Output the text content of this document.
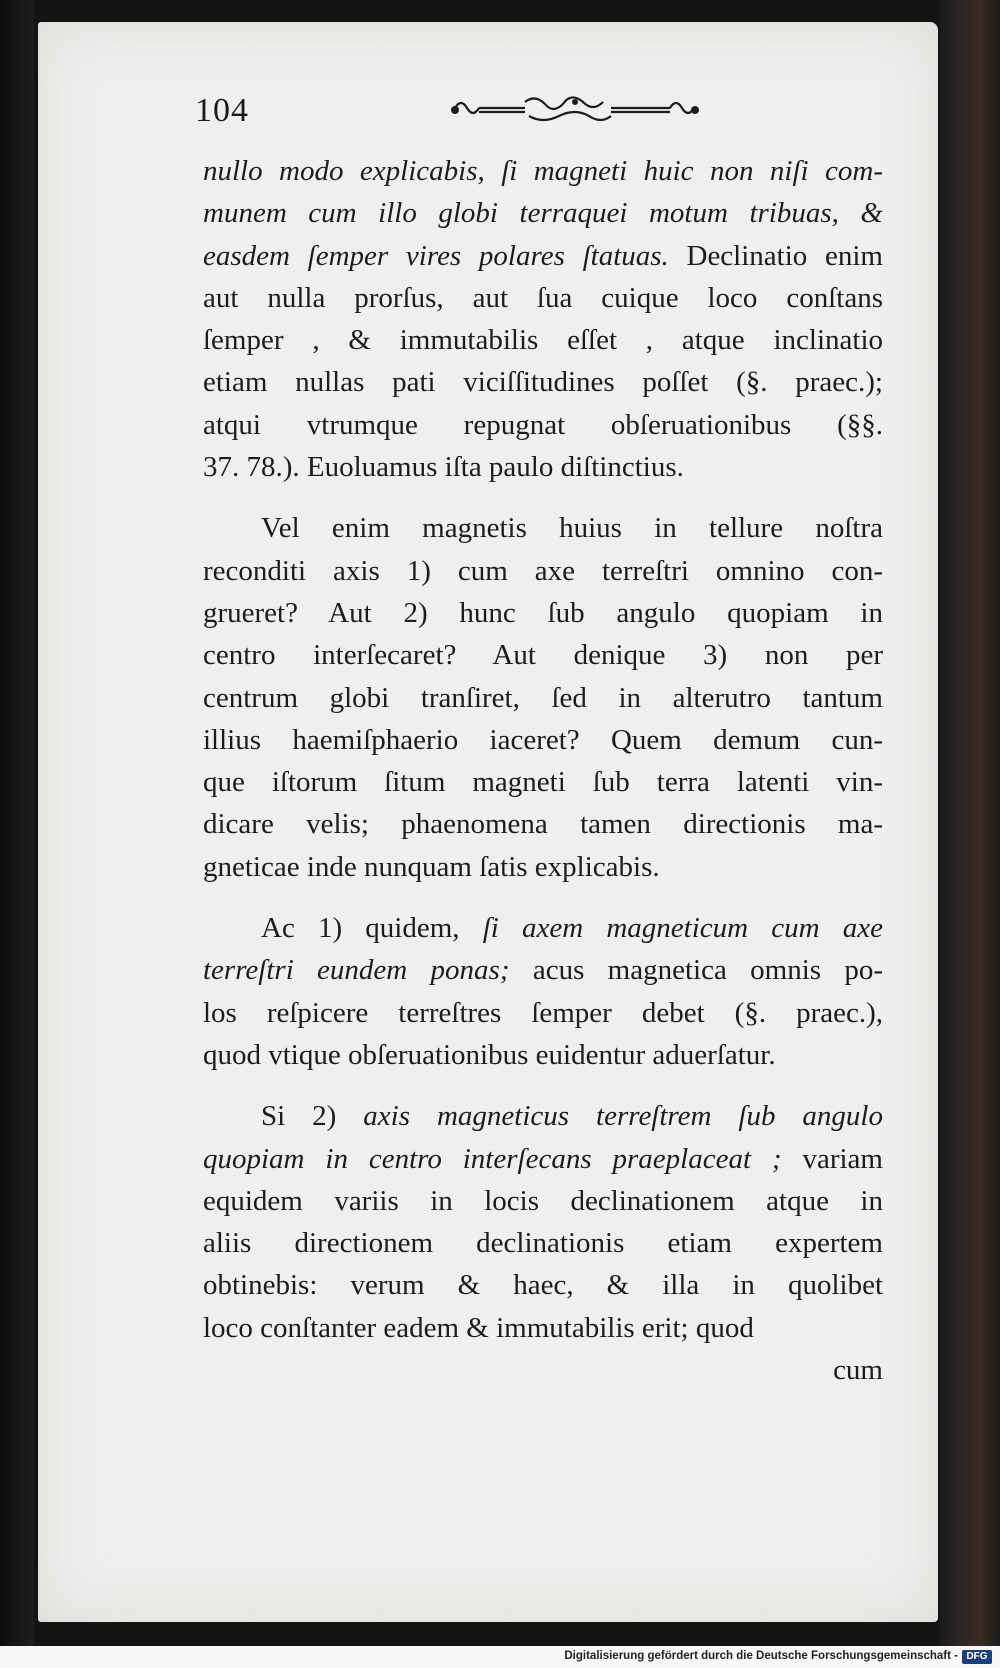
104
nullo modo explicabis, ſi magneti huic non niſi com-
munem cum illo globi terraquei motum tribuas, &
easdem ſemper vires polares ſtatuas. Declinatio enim
aut nulla prorſus, aut ſua cuique loco conſtans
ſemper , & immutabilis eſſet , atque inclinatio
etiam nullas pati viciſſitudines poſſet (§. praec.);
atqui vtrumque repugnat obſeruationibus (§§.
37. 78.). Euoluamus iſta paulo diſtinctius.
  Vel enim magnetis huius in tellure noſtra
reconditi axis 1) cum axe terreſtri omnino con-
grueret? Aut 2) hunc ſub angulo quopiam in
centro interſecaret? Aut denique 3) non per
centrum globi tranſiret, ſed in alterutro tantum
illius haemiſphaerio iaceret? Quem demum cun-
que iſtorum ſitum magneti ſub terra latenti vin-
dicare velis; phaenomena tamen directionis ma-
gneticae inde nunquam ſatis explicabis.
  Ac 1) quidem, ſi axem magneticum cum axe
terreſtri eundem ponas; acus magnetica omnis po-
los reſpicere terreſtres ſemper debet (§. praec.),
quod vtique obſeruationibus euidentur aduerſatur.
  Si 2) axis magneticus terreſtrem ſub angulo
quopiam in centro interſecans praeplaceat ; variam
equidem variis in locis declinationem atque in
aliis directionem declinationis etiam expertem
obtinebis: verum & haec, & illa in quolibet
loco conſtanter eadem & immutabilis erit; quod
cum
Digitalisierung gefördert durch die Deutsche Forschungsgemeinschaft - DFG
